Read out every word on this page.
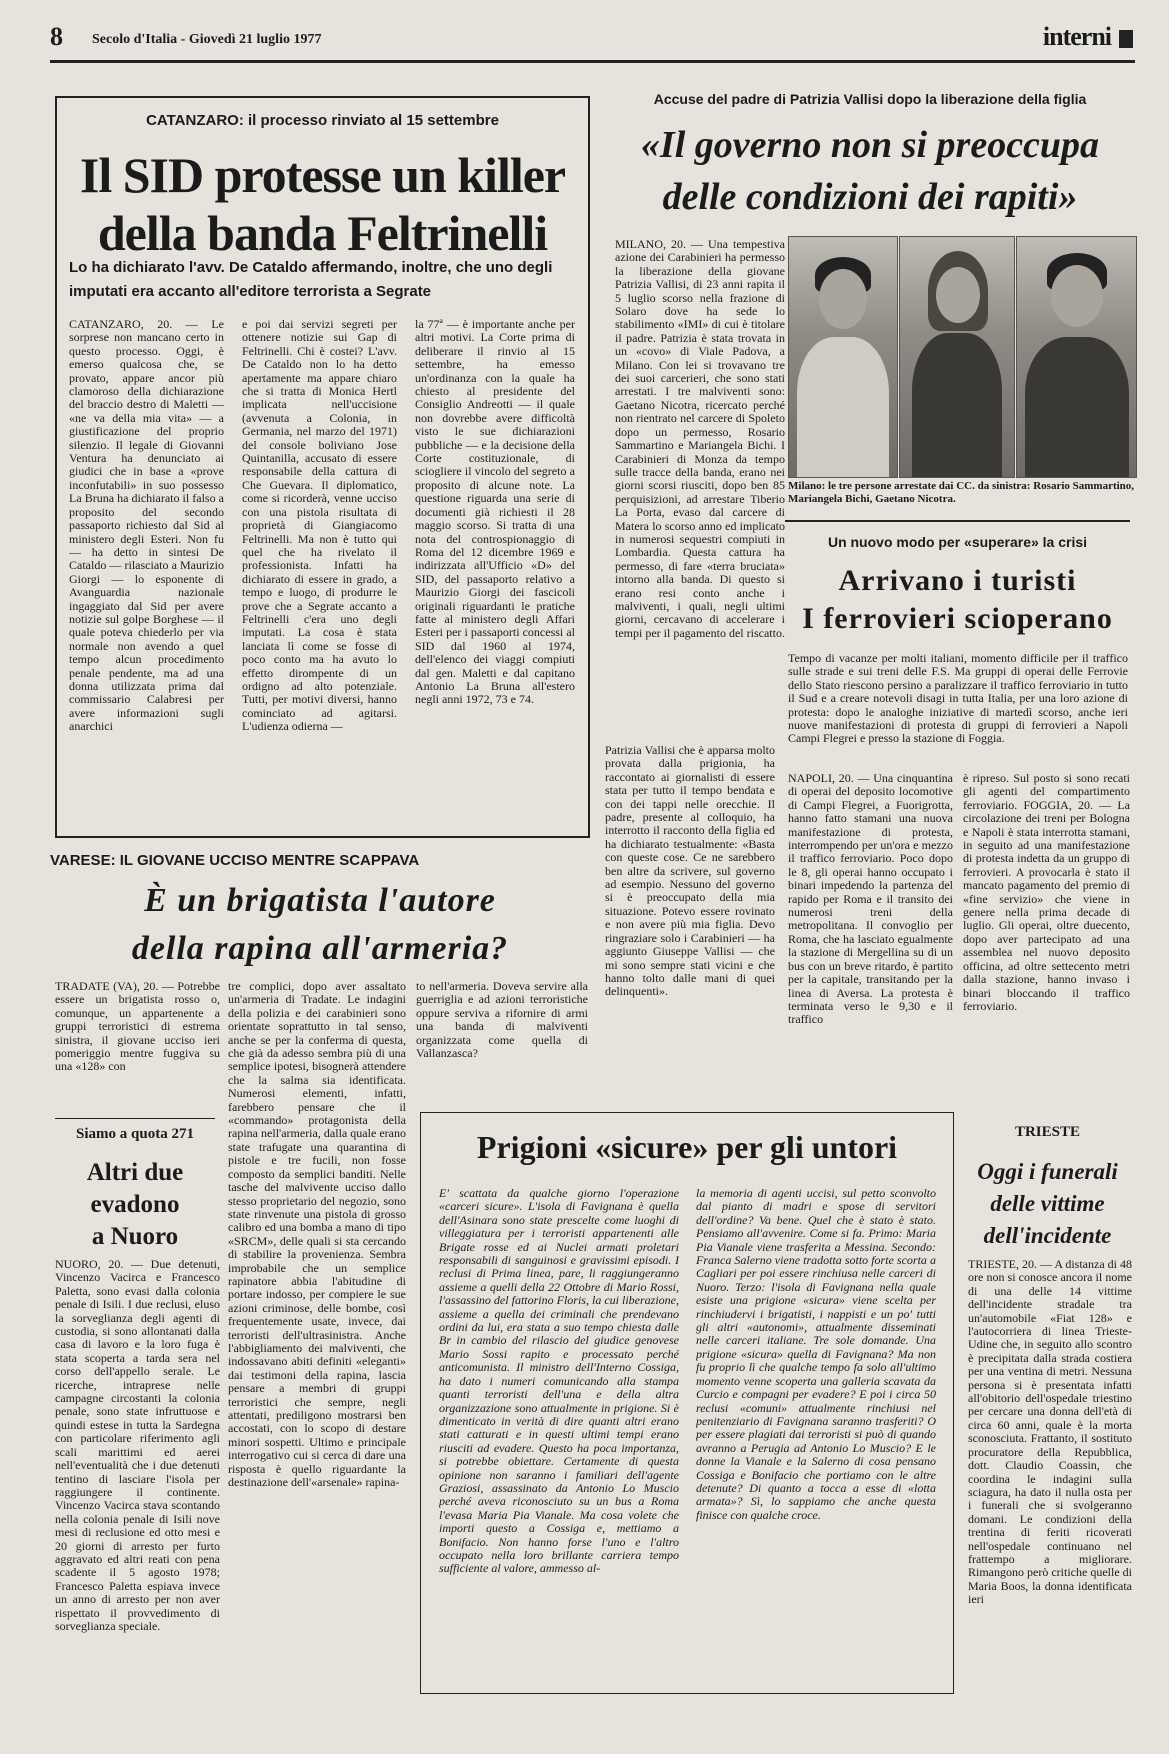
8 Secolo d'Italia - Giovedì 21 luglio 1977	interni
CATANZARO: il processo rinviato al 15 settembre
Il SID protesse un killer
della banda Feltrinelli
Lo ha dichiarato l'avv. De Cataldo affermando, inoltre, che uno degli imputati era accanto all'editore terrorista a Segrate
CATANZARO, 20. — Le sorprese non mancano certo in questo processo. Oggi, è emerso qualcosa che, se provato, appare ancor più clamoroso della dichiarazione del braccio destro di Maletti — «ne va della mia vita» — a giustificazione del proprio silenzio. Il legale di Giovanni Ventura ha denunciato ai giudici che in base a «prove inconfutabili» in suo possesso La Bruna ha dichiarato il falso a proposito del secondo passaporto richiesto dal Sid al ministero degli Esteri. Non fu — ha detto in sintesi De Cataldo — rilasciato a Maurizio Giorgi — lo esponente di Avanguardia nazionale ingaggiato dal Sid per avere notizie sul golpe Borghese — il quale poteva chiederlo per via normale non avendo a quel tempo alcun procedimento penale pendente, ma ad una donna utilizzata prima dal commissario Calabresi per avere informazioni sugli anarchici
e poi dai servizi segreti per ottenere notizie sui Gap di Feltrinelli. Chi è costei? L'avv. De Cataldo non lo ha detto apertamente ma appare chiaro che si tratta di Monica Hertl implicata nell'uccisione (avvenuta a Colonia, in Germania, nel marzo del 1971) del console boliviano Jose Quintanilla, accusato di essere responsabile della cattura di Che Guevara. Il diplomatico, come si ricorderà, venne ucciso con una pistola risultata di proprietà di Giangiacomo Feltrinelli. Ma non è tutto qui quel che ha rivelato il professionista. Infatti ha dichiarato di essere in grado, a tempo e luogo, di produrre le prove che a Segrate accanto a Feltrinelli c'era uno degli imputati. La cosa è stata lanciata lì come se fosse di poco conto ma ha avuto lo effetto dirompente di un ordigno ad alto potenziale. Tutti, per motivi diversi, hanno cominciato ad agitarsi. L'udienza odierna —
la 77ª — è importante anche per altri motivi. La Corte prima di deliberare il rinvio al 15 settembre, ha emesso un'ordinanza con la quale ha chiesto al presidente del Consiglio Andreotti — il quale non dovrebbe avere difficoltà visto le sue dichiarazioni pubbliche — e la decisione della Corte costituzionale, di sciogliere il vincolo del segreto a proposito di alcune note. La questione riguarda una serie di documenti già richiesti il 28 maggio scorso. Si tratta di una nota del controspionaggio di Roma del 12 dicembre 1969 e indirizzata all'Ufficio «D» del SID, del passaporto relativo a Maurizio Giorgi dei fascicoli originali riguardanti le pratiche fatte al ministero degli Affari Esteri per i passaporti concessi al SID dal 1960 al 1974, dell'elenco dei viaggi compiuti dal gen. Maletti e dal capitano Antonio La Bruna all'estero negli anni 1972, 73 e 74.
Accuse del padre di Patrizia Vallisi dopo la liberazione della figlia
«Il governo non si preoccupa
delle condizioni dei rapiti»
MILANO, 20. — Una tempestiva azione dei Carabinieri ha permesso la liberazione della giovane Patrizia Vallisi, di 23 anni rapita il 5 luglio scorso nella frazione di Solaro dove ha sede lo stabilimento «IMI» di cui è titolare il padre. Patrizia è stata trovata in un «covo» di Viale Padova, a Milano. Con lei si trovavano tre dei suoi carcerieri, che sono stati arrestati. I tre malviventi sono: Gaetano Nicotra, ricercato perché non rientrato nel carcere di Spoleto dopo un permesso, Rosario Sammartino e Mariangela Bichi. I Carabinieri di Monza da tempo sulle tracce della banda, erano nei giorni scorsi riusciti, dopo ben 85 perquisizioni, ad arrestare Tiberio La Porta, evaso dal carcere di Matera lo scorso anno ed implicato in numerosi sequestri compiuti in Lombardia. Questa cattura ha permesso, di fare «terra bruciata» intorno alla banda. Di questo si erano resi conto anche i malviventi, i quali, negli ultimi giorni, cercavano di accelerare i tempi per il pagamento del riscatto.
Milano: le tre persone arrestate dai CC. da sinistra: Rosario Sammartino, Mariangela Bichi, Gaetano Nicotra.
Patrizia Vallisi che è apparsa molto provata dalla prigionia, ha raccontato ai giornalisti di essere stata per tutto il tempo bendata e con dei tappi nelle orecchie. Il padre, presente al colloquio, ha interrotto il racconto della figlia ed ha dichiarato testualmente: «Basta con queste cose. Ce ne sarebbero ben altre da scrivere, sul governo ad esempio. Nessuno del governo si è preoccupato della mia situazione. Potevo essere rovinato e non avere più mia figlia. Devo ringraziare solo i Carabinieri — ha aggiunto Giuseppe Vallisi — che mi sono sempre stati vicini e che hanno tolto dalle mani di quei delinquenti».
Un nuovo modo per «superare» la crisi
Arrivano i turisti
I ferrovieri scioperano
Tempo di vacanze per molti italiani, momento difficile per il traffico sulle strade e sui treni delle F.S. Ma gruppi di operai delle Ferrovie dello Stato riescono persino a paralizzare il traffico ferroviario in tutto il Sud e a creare notevoli disagi in tutta Italia, per una loro azione di protesta: dopo le analoghe iniziative di martedì scorso, anche ieri nuove manifestazioni di protesta di gruppi di ferrovieri a Napoli Campi Flegrei e presso la stazione di Foggia.
NAPOLI, 20. — Una cinquantina di operai del deposito locomotive di Campi Flegrei, a Fuorigrotta, hanno fatto stamani una nuova manifestazione di protesta, interrompendo per un'ora e mezzo il traffico ferroviario. Poco dopo le 8, gli operai hanno occupato i binari impedendo la partenza del rapido per Roma e il transito dei numerosi treni della metropolitana. Il convoglio per Roma, che ha lasciato egualmente la stazione di Mergellina su di un bus con un breve ritardo, è partito per la capitale, transitando per la linea di Aversa. La protesta è terminata verso le 9,30 e il traffico
è ripreso. Sul posto si sono recati gli agenti del compartimento ferroviario. FOGGIA, 20. — La circolazione dei treni per Bologna e Napoli è stata interrotta stamani, in seguito ad una manifestazione di protesta indetta da un gruppo di ferrovieri. A provocarla è stato il mancato pagamento del premio di «fine servizio» che viene in genere nella prima decade di luglio. Gli operai, oltre duecento, dopo aver partecipato ad una assemblea nel nuovo deposito officina, ad oltre settecento metri dalla stazione, hanno invaso i binari bloccando il traffico ferroviario.
VARESE: IL GIOVANE UCCISO MENTRE SCAPPAVA
È un brigatista l'autore
della rapina all'armeria?
TRADATE (VA), 20. — Potrebbe essere un brigatista rosso o, comunque, un appartenente a gruppi terroristici di estrema sinistra, il giovane ucciso ieri pomeriggio mentre fuggiva su una «128» con
tre complici, dopo aver assaltato un'armeria di Tradate. Le indagini della polizia e dei carabinieri sono orientate soprattutto in tal senso, anche se per la conferma di questa, che già da adesso sembra più di una semplice ipotesi, bisognerà attendere che la salma sia identificata. Numerosi elementi, infatti, farebbero pensare che il «commando» protagonista della rapina nell'armeria, dalla quale erano state trafugate una quarantina di pistole e tre fucili, non fosse composto da semplici banditi. Nelle tasche del malvivente ucciso dallo stesso proprietario del negozio, sono state rinvenute una pistola di grosso calibro ed una bomba a mano di tipo «SRCM», delle quali si sta cercando di stabilire la provenienza. Sembra improbabile che un semplice rapinatore abbia l'abitudine di portare indosso, per compiere le sue azioni criminose, delle bombe, così frequentemente usate, invece, dai terroristi dell'ultrasinistra. Anche l'abbigliamento dei malviventi, che indossavano abiti definiti «eleganti» dai testimoni della rapina, lascia pensare a membri di gruppi terroristici che sempre, negli attentati, prediligono mostrarsi ben accostati, con lo scopo di destare minori sospetti. Ultimo e principale interrogativo cui si cerca di dare una risposta è quello riguardante la destinazione dell'«arsenale» rapina-
to nell'armeria. Doveva servire alla guerriglia e ad azioni terroristiche oppure serviva a rifornire di armi una banda di malviventi organizzata come quella di Vallanzasca?
Siamo a quota 271
Altri due
evadono
a Nuoro
NUORO, 20. — Due detenuti, Vincenzo Vacirca e Francesco Paletta, sono evasi dalla colonia penale di Isili. I due reclusi, eluso la sorveglianza degli agenti di custodia, si sono allontanati dalla casa di lavoro e la loro fuga è stata scoperta a tarda sera nel corso dell'appello serale. Le ricerche, intraprese nelle campagne circostanti la colonia penale, sono state infruttuose e quindi estese in tutta la Sardegna con particolare riferimento agli scali marittimi ed aerei nell'eventualità che i due detenuti tentino di lasciare l'isola per raggiungere il continente. Vincenzo Vacirca stava scontando nella colonia penale di Isili nove mesi di reclusione ed otto mesi e 20 giorni di arresto per furto aggravato ed altri reati con pena scadente il 5 agosto 1978; Francesco Paletta espiava invece un anno di arresto per non aver rispettato il provvedimento di sorveglianza speciale.
Prigioni «sicure» per gli untori
E' scattata da qualche giorno l'operazione «carceri sicure». L'isola di Favignana è quella dell'Asinara sono state prescelte come luoghi di villeggiatura per i terroristi appartenenti alle Brigate rosse ed ai Nuclei armati proletari responsabili di sanguinosi e gravissimi episodi. I reclusi di Prima linea, pare, li raggiungeranno assieme a quelli della 22 Ottobre di Mario Rossi, l'assassino del fattorino Floris, la cui liberazione, assieme a quella dei criminali che prendevano ordini da lui, era stata a suo tempo chiesta dalle Br in cambio del rilascio del giudice genovese Mario Sossi rapito e processato perché anticomunista. Il ministro dell'Interno Cossiga, ha dato i numeri comunicando alla stampa quanti terroristi dell'una e della altra organizzazione sono attualmente in prigione. Si è dimenticato in verità di dire quanti altri erano stati catturati e in questi ultimi tempi erano riusciti ad evadere. Questo ha poca importanza, si potrebbe obiettare. Certamente di questa opinione non saranno i familiari dell'agente Graziosi, assassinato da Antonio Lo Muscio perché aveva riconosciuto su un bus a Roma l'evasa Maria Pia Vianale. Ma cosa volete che importi questo a Cossiga e, mettiamo a Bonifacio. Non hanno forse l'uno e l'altro occupato nella loro brillante carriera tempo sufficiente al valore, ammesso al-
la memoria di agenti uccisi, sul petto sconvolto dal pianto di madri e spose di servitori dell'ordine? Va bene. Quel che è stato è stato. Pensiamo all'avvenire. Come si fa. Primo: Maria Pia Vianale viene trasferita a Messina. Secondo: Franca Salerno viene tradotta sotto forte scorta a Cagliari per poi essere rinchiusa nelle carceri di Nuoro. Terzo: l'isola di Favignana nella quale esiste una prigione «sicura» viene scelta per rinchiudervi i brigatisti, i nappisti e un po' tutti gli altri «autonomi», attualmente disseminati nelle carceri italiane. Tre sole domande. Una prigione «sicura» quella di Favignana? Ma non fu proprio lì che qualche tempo fa solo all'ultimo momento venne scoperta una galleria scavata da Curcio e compagni per evadere? E poi i circa 50 reclusi «comuni» attualmente rinchiusi nel penitenziario di Favignana saranno trasferiti? O per essere plagiati dai terroristi si può di quando avranno a Perugia ad Antonio Lo Muscio? E le donne la Vianale e la Salerno di cosa pensano Cossiga e Bonifacio che portiamo con le altre detenute? Di quanto a tocca a esse di «lotta armata»? Sì, lo sappiamo che anche questa finisce con qualche croce.
TRIESTE
Oggi i funerali
delle vittime
dell'incidente
TRIESTE, 20. — A distanza di 48 ore non si conosce ancora il nome di una delle 14 vittime dell'incidente stradale tra un'automobile «Fiat 128» e l'autocorriera di linea Trieste-Udine che, in seguito allo scontro è precipitata dalla strada costiera per una ventina di metri. Nessuna persona si è presentata infatti all'obitorio dell'ospedale triestino per cercare una donna dell'età di circa 60 anni, quale è la morta sconosciuta. Frattanto, il sostituto procuratore della Repubblica, dott. Claudio Coassin, che coordina le indagini sulla sciagura, ha dato il nulla osta per i funerali che si svolgeranno domani. Le condizioni della trentina di feriti ricoverati nell'ospedale continuano nel frattempo a migliorare. Rimangono però critiche quelle di Maria Boos, la donna identificata ieri
